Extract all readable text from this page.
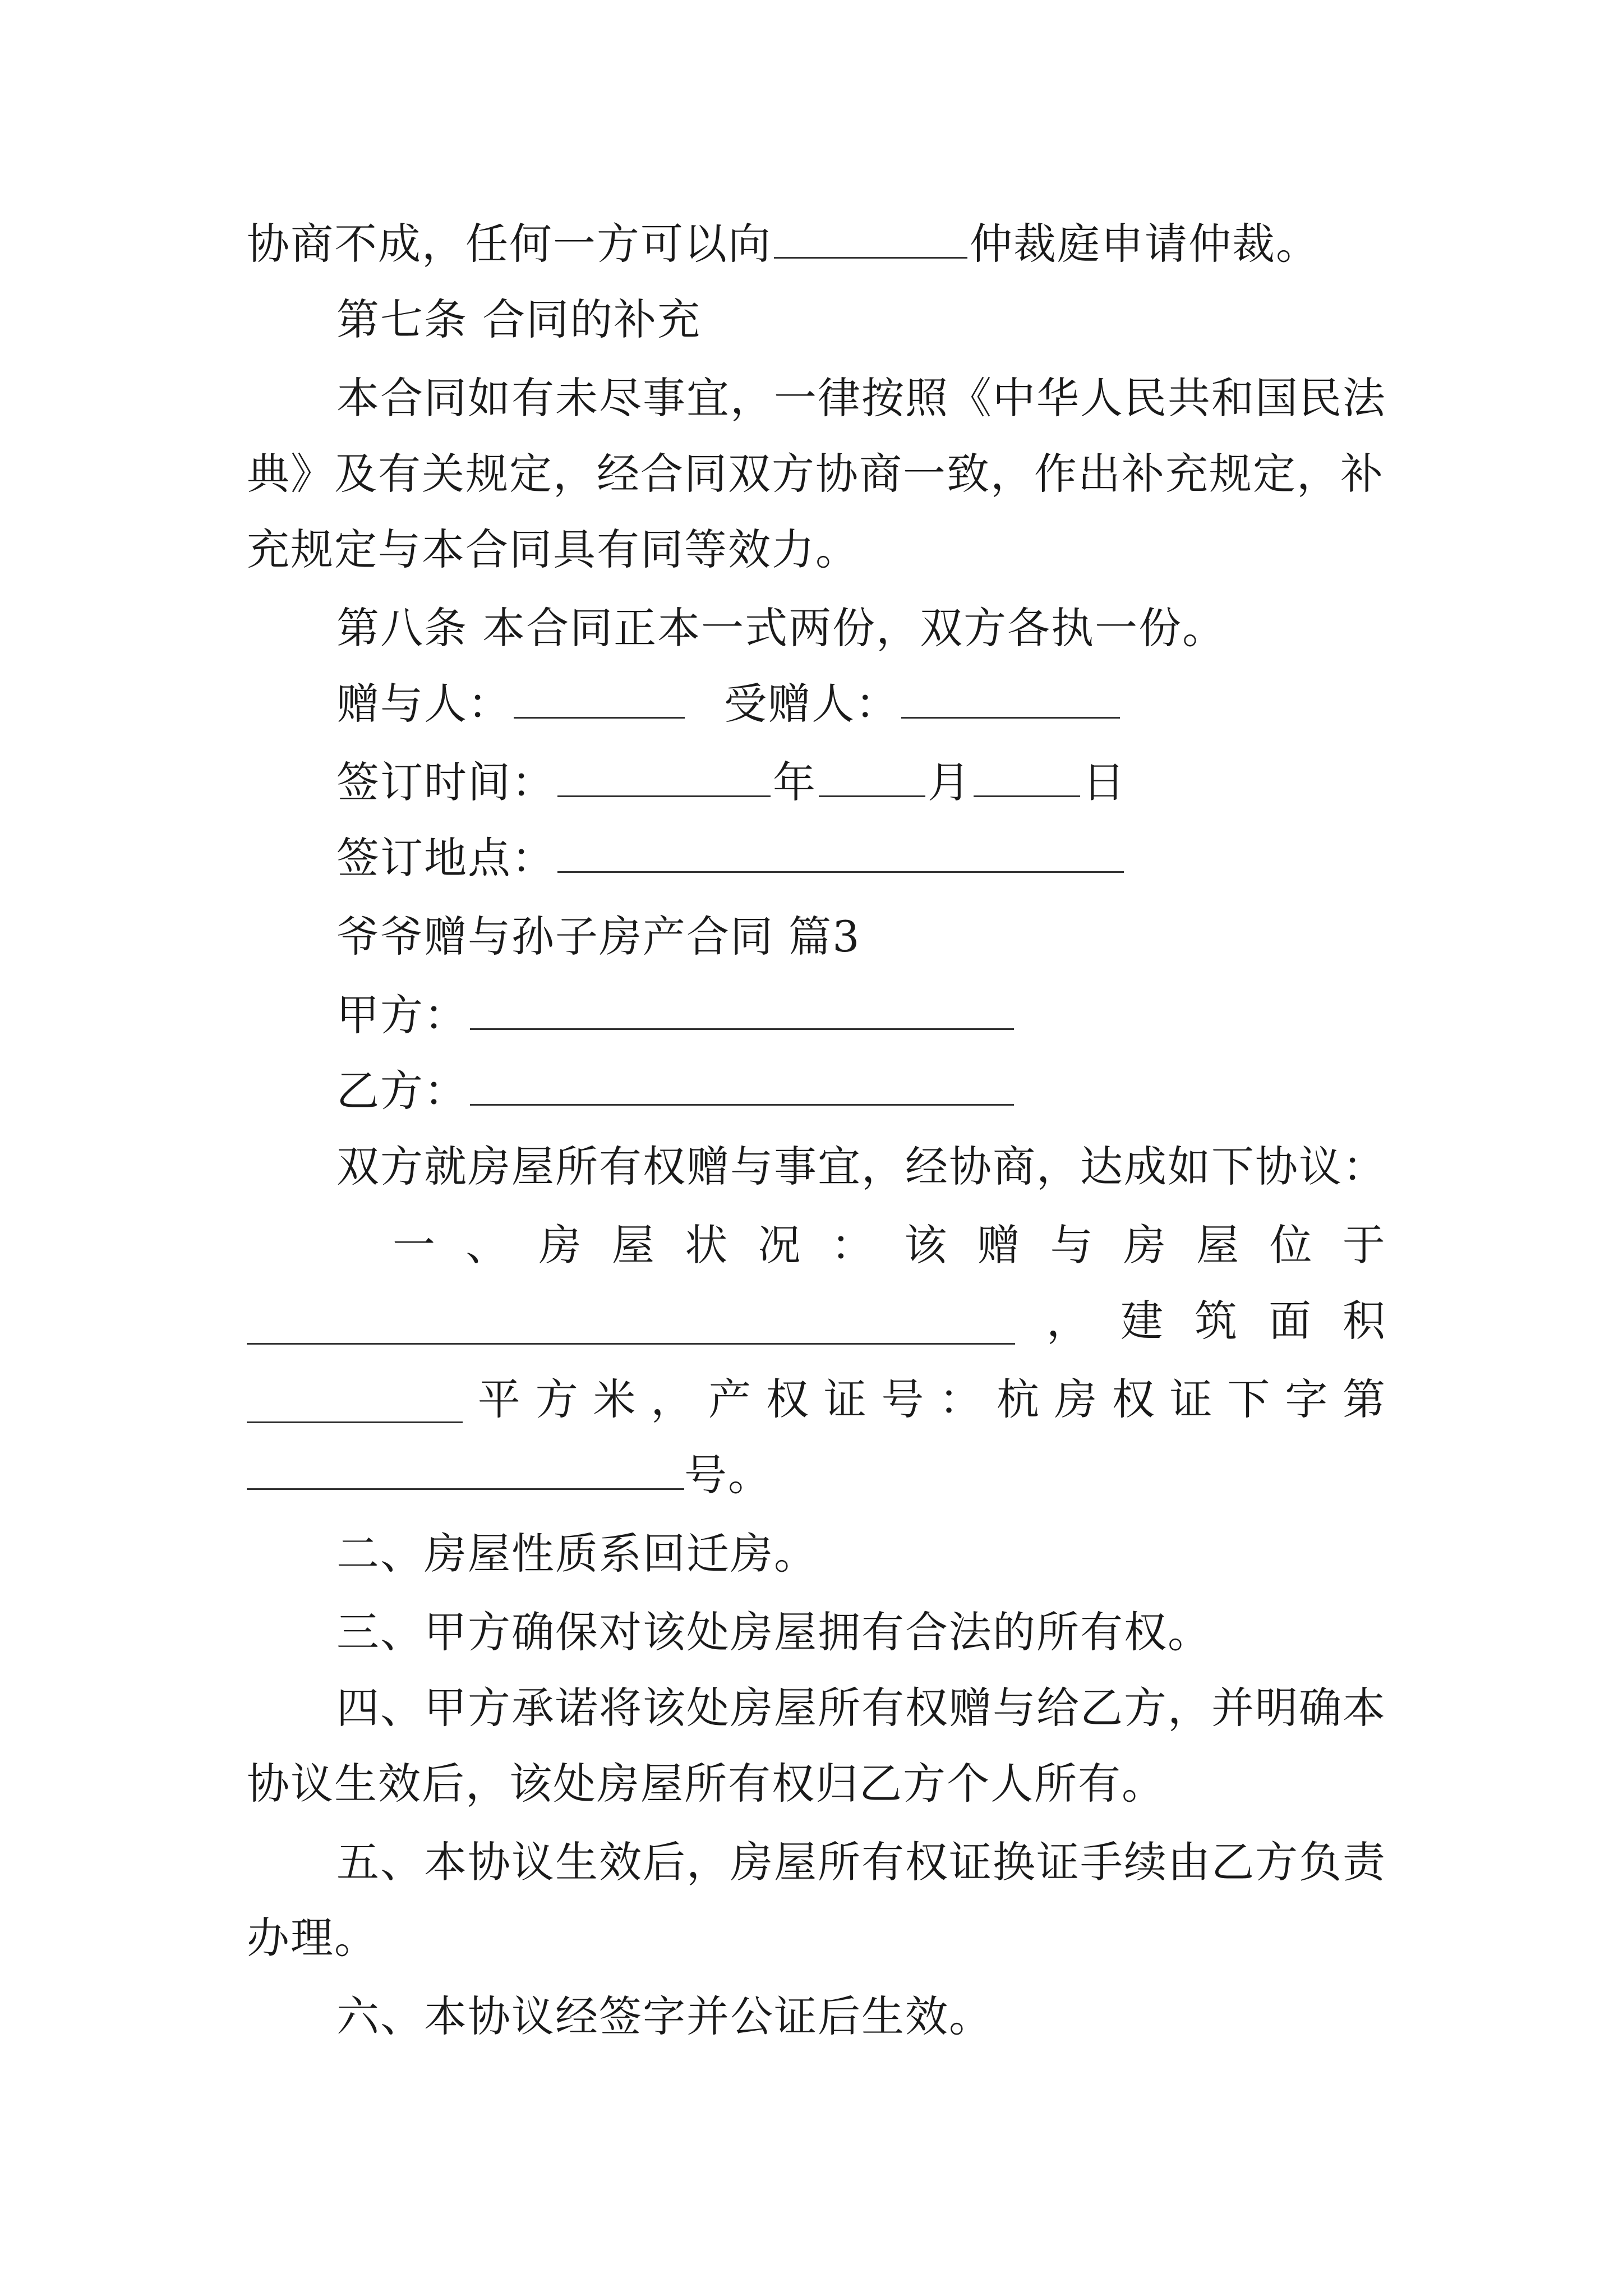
协商不成，任何一方可以向	仲裁庭申请仲裁。
第七条 合同的补充
本合同如有未尽事宜，一律按照《中华人民共和国民法
典》及有关规定，经合同双方协商一致，作出补充规定，补
充规定与本合同具有同等效力。
第八条 本合同正本一式两份，双方各执一份。
赠与人：	受赠人：
签订时间：	年	月	日
签订地点：
爷爷赠与孙子房产合同 篇3
甲方：
乙方：
双方就房屋所有权赠与事宜，经协商，达成如下协议：
一 、 房 屋 状 况 ： 该 赠 与 房 屋 位 于
， 建 筑 面 积
平 方 米 ， 产 权 证 号 ： 杭 房 权 证 下 字 第
号。
二、房屋性质系回迁房。
三、甲方确保对该处房屋拥有合法的所有权。
四、甲方承诺将该处房屋所有权赠与给乙方，并明确本
协议生效后，该处房屋所有权归乙方个人所有。
五、本协议生效后，房屋所有权证换证手续由乙方负责
办理。
六、本协议经签字并公证后生效。
